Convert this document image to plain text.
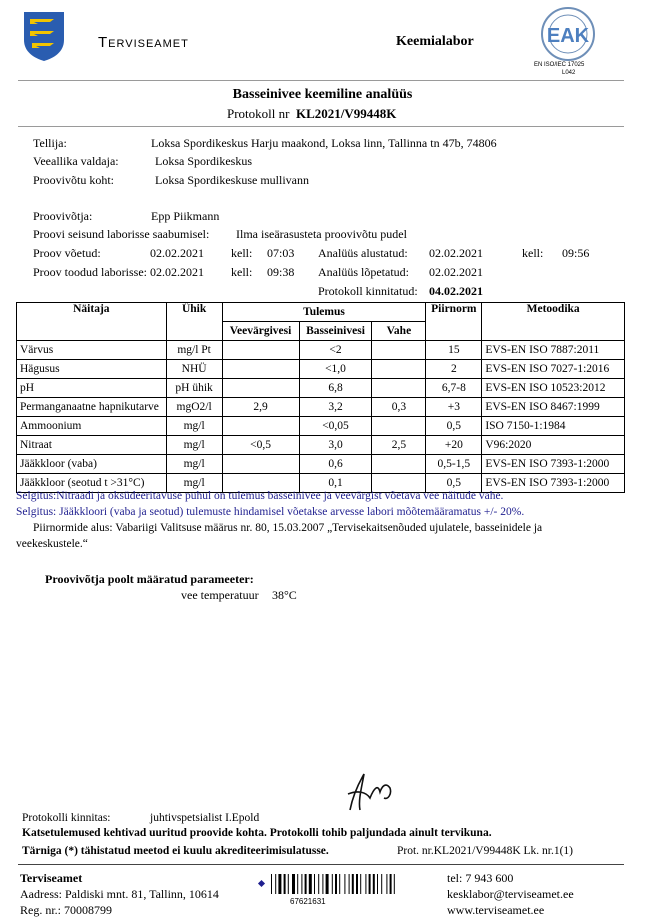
Terviseamet	Keemialabor	EAK
EN ISO/IEC 17025
L042
Basseinivee keemiline analüüs
Protokoll nr KL2021/V99448K
Tellija:	Loksa Spordikeskus Harju maakond, Loksa linn, Tallinna tn 47b, 74806
Veeallika valdaja:	Loksa Spordikeskus
Proovivõtu koht:	Loksa Spordikeskuse mullivann
Proovivõtja:	Epp Piikmann
Proovi seisund laborisse saabumisel: Ilma iseärasusteta proovivõtu pudel
Proov võetud:	02.02.2021 kell: 07:03 Analüüs alustatud: 02.02.2021	kell: 09:56
Proov toodud laborisse: 02.02.2021 kell: 09:38 Analüüs lõpetatud: 02.02.2021
Protokoll kinnitatud: 04.02.2021
Näitaja	Ühik	Tulemus			Piirnorm	Metoodika
		Veevärgivesi	Basseinivesi	Vahe		
Värvus	mg/l Pt		<2		15	EVS-EN ISO 7887:2011
Hägusus	NHÜ		<1,0		2	EVS-EN ISO 7027-1:2016
pH	pH ühik		6,8		6,7-8	EVS-EN ISO 10523:2012
Permanganaatne hapnikutarve	mgO2/l	2,9	3,2	0,3	+3	EVS-EN ISO 8467:1999
Ammoonium	mg/l		<0,05		0,5	ISO 7150-1:1984
Nitraat	mg/l	<0,5	3,0	2,5	+20	V96:2020
Jääkkloor (vaba)	mg/l		0,6		0,5-1,5	EVS-EN ISO 7393-1:2000
Jääkkloor (seotud t >31°C)	mg/l		0,1		0,5	EVS-EN ISO 7393-1:2000
Selgitus:Nitraadi ja oksüdeeritavuse puhul on tulemus basseinivee ja veevärgist võetava vee näitude vahe.
Selgitus: Jääkkloori (vaba ja seotud) tulemuste hindamisel võetakse arvesse labori mõõtemääramatus +/- 20%.
Piirnormide alus: Vabariigi Valitsuse määrus nr. 80, 15.03.2007 „Tervisekaitsenõuded ujulatele, basseinidele ja
veekeskustele.“
Proovivõtja poolt määratud parameeter:
vee temperatuur 38°C
Protokolli kinnitas:	juhtivspetsialist I.Epold
Katsetulemused kehtivad uuritud proovide kohta. Protokolli tohib paljundada ainult tervikuna.
Tärniga (*) tähistatud meetod ei kuulu akrediteerimisulatusse.	Prot. nr.KL2021/V99448K Lk. nr.1(1)
Terviseamet
Aadress: Paldiski mnt. 81, Tallinn, 10614
Reg. nr.: 70008799
67621631
tel: 7 943 600
kesklabor@terviseamet.ee
www.terviseamet.ee
